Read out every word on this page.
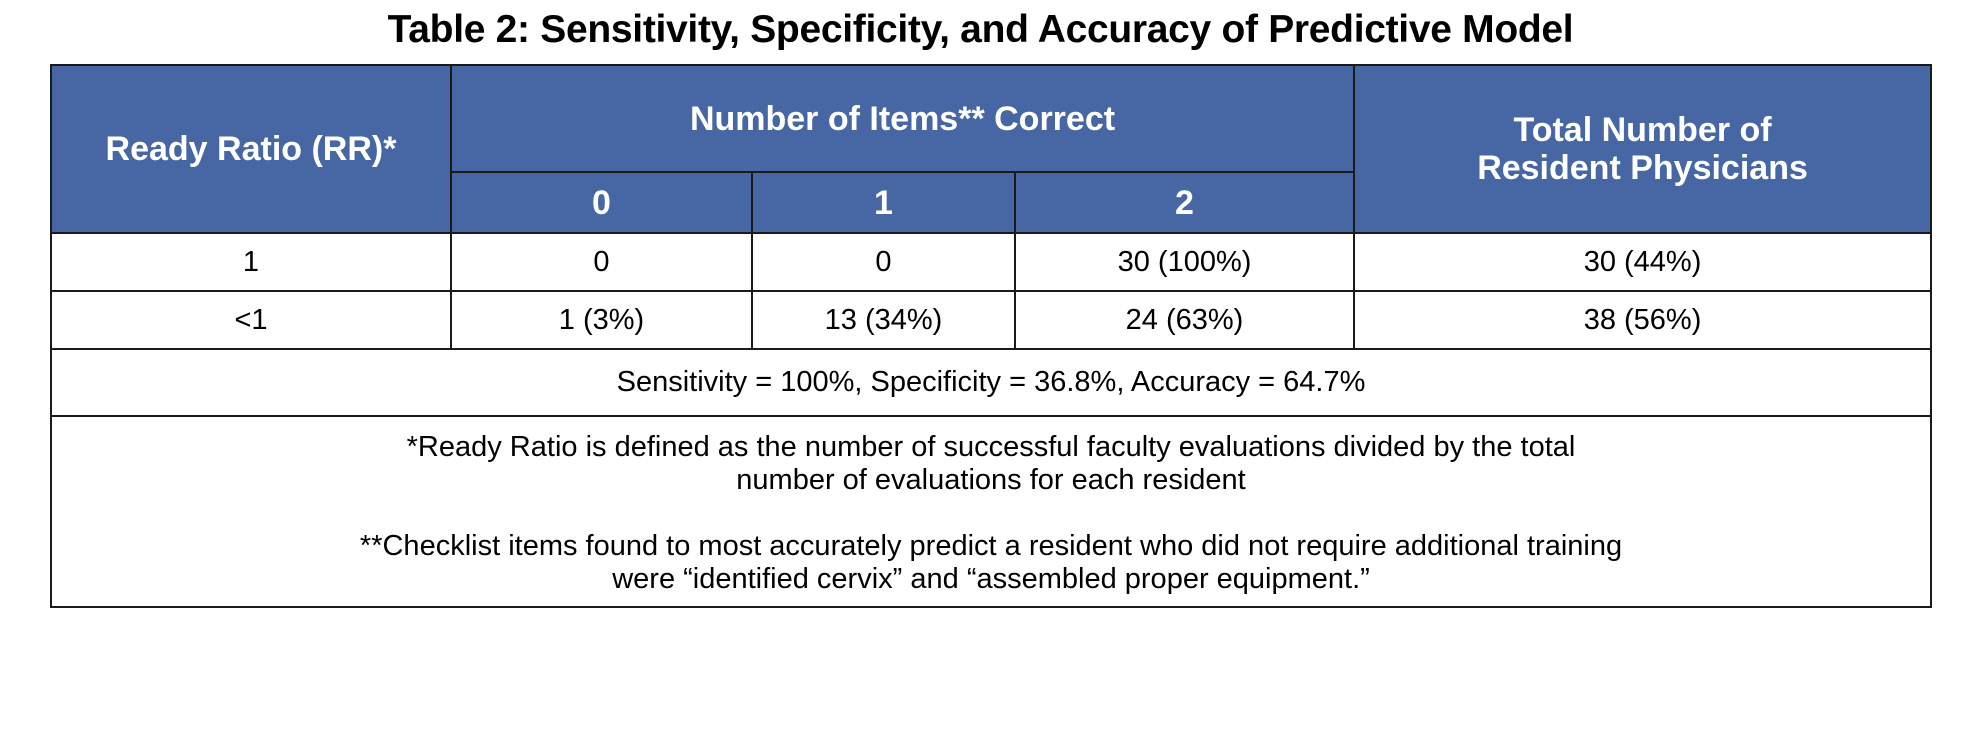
Table 2: Sensitivity, Specificity, and Accuracy of Predictive Model
Ready Ratio (RR)*	Number of Items** Correct			Total Number of
Resident Physicians

	0	1	2	
1	0	0	30 (100%)	30 (44%)
<1	1 (3%)	13 (34%)	24 (63%)	38 (56%)
Sensitivity = 100%, Specificity = 36.8%, Accuracy = 64.7%				

*Ready Ratio is defined as the number of successful faculty evaluations divided by the total
number of evaluations for each resident
**Checklist items found to most accurately predict a resident who did not require additional training
were “identified cervix” and “assembled proper equipment.”				
